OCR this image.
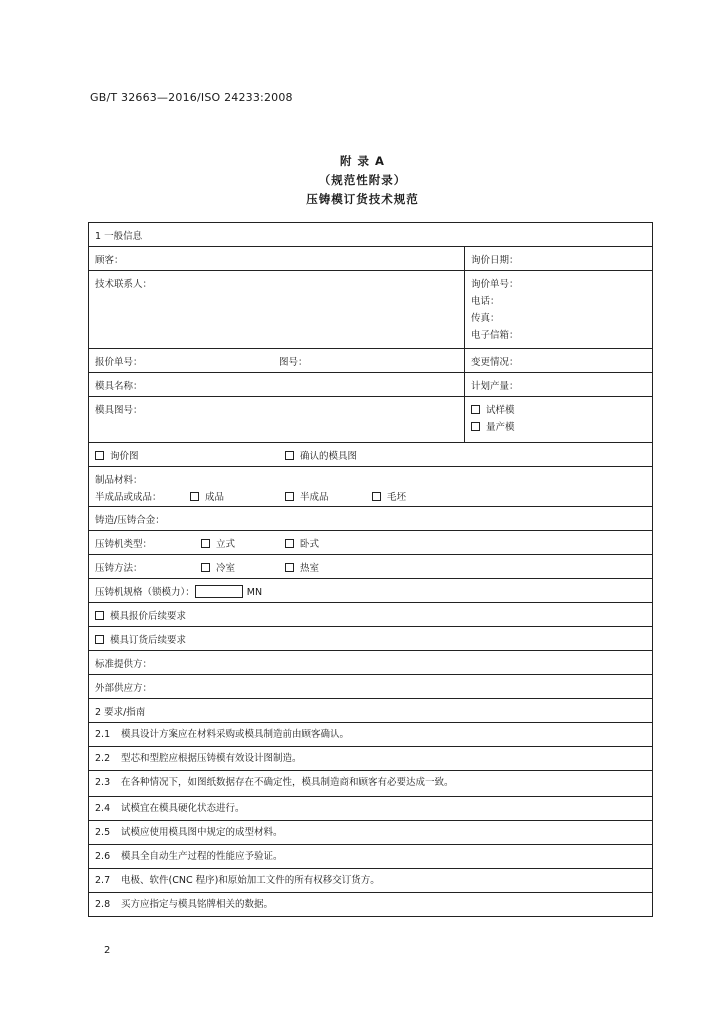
GB/T 32663—2016/ISO 24233:2008
附 录 A
（规范性附录）
压铸模订货技术规范
1 一般信息
顾客：	询价日期：
技术联系人：	询价单号：
电话：
传真：
电子信箱：
报价单号：	图号：	变更情况：
模具名称：	计划产量：
模具图号：	试样模
量产模
询价图	确认的模具图
制品材料：
半成品或成品：	成品	半成品	毛坯
铸造/压铸合金：
压铸机类型：	立式	卧式
压铸方法：	冷室	热室
压铸机规格（锁模力）：	MN
模具报价后续要求
模具订货后续要求
标准提供方：
外部供应方：
2 要求/指南
2.1 模具设计方案应在材料采购或模具制造前由顾客确认。
2.2 型芯和型腔应根据压铸模有效设计图制造。
2.3 在各种情况下，如图纸数据存在不确定性，模具制造商和顾客有必要达成一致。
2.4 试模宜在模具硬化状态进行。
2.5 试模应使用模具图中规定的成型材料。
2.6 模具全自动生产过程的性能应予验证。
2.7 电极、软件(CNC 程序)和原始加工文件的所有权移交订货方。
2.8 买方应指定与模具铭牌相关的数据。
2
